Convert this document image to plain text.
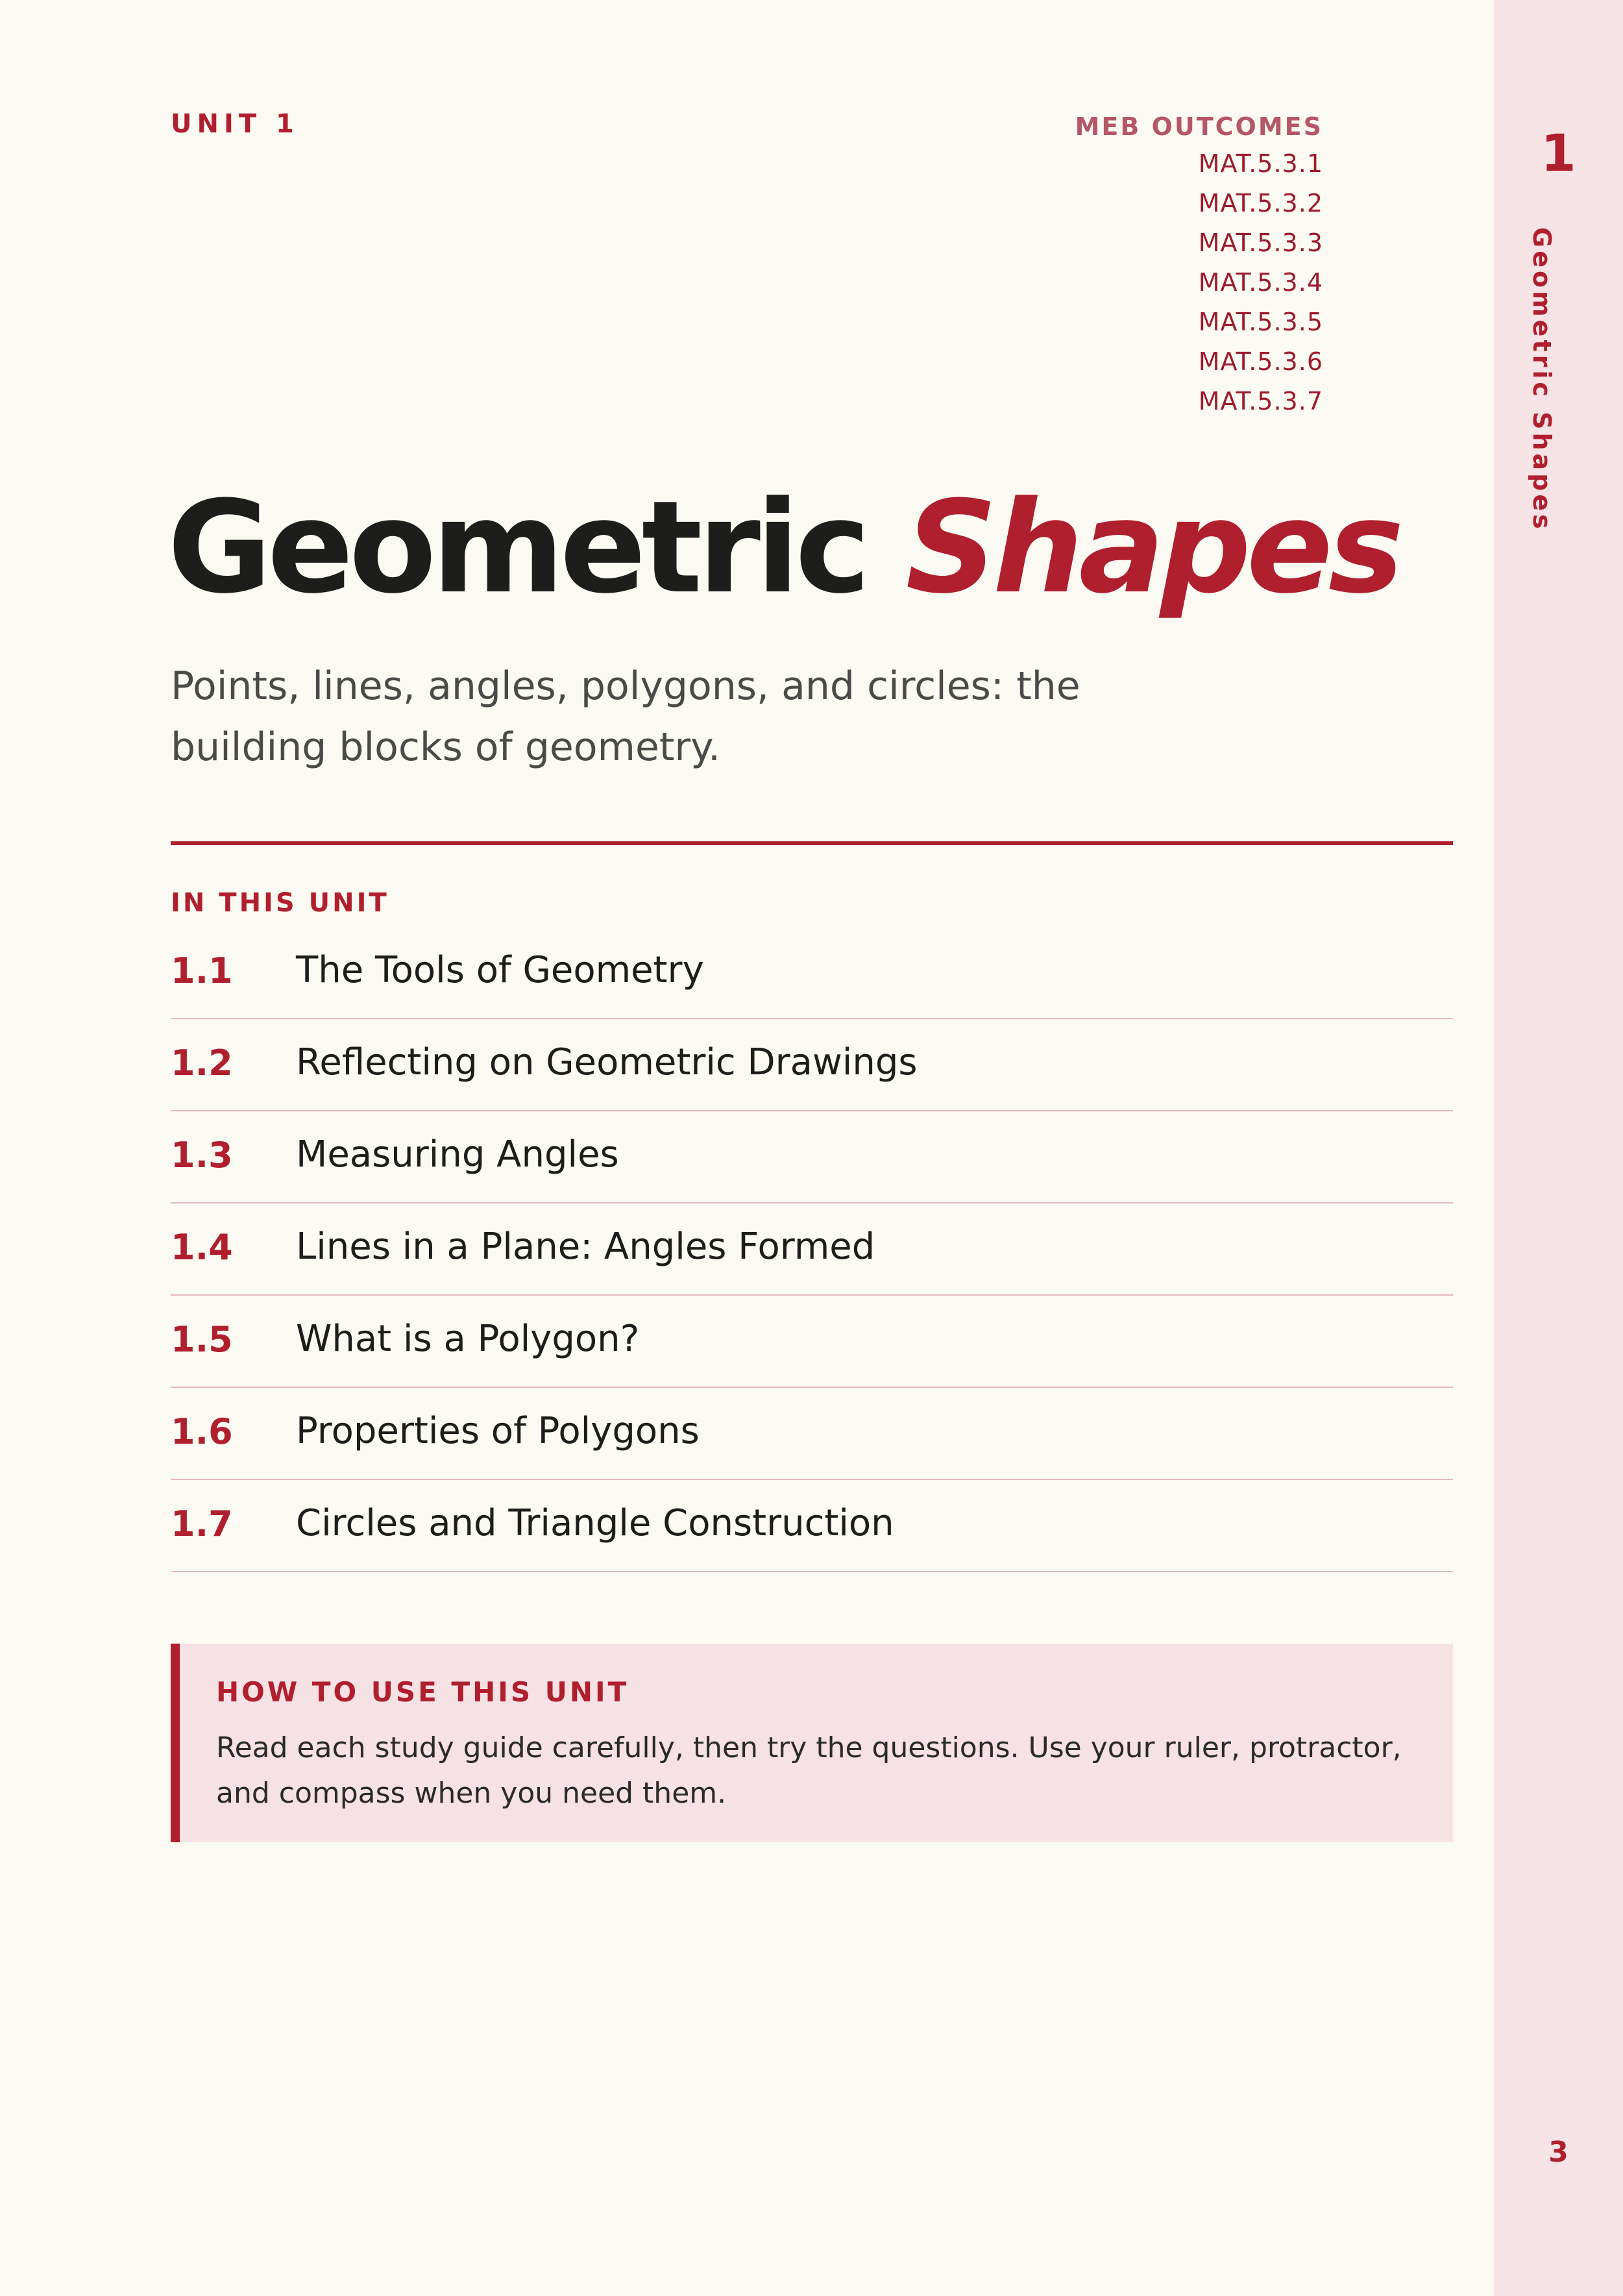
UNIT 1	MEB OUTCOMES
MAT.5.3.1
MAT.5.3.2
MAT.5.3.3
MAT.5.3.4
MAT.5.3.5
MAT.5.3.6
MAT.5.3.7
Geometric Shapes
Points, lines, angles, polygons, and circles: the building blocks of geometry.
IN THIS UNIT
1.1 The Tools of Geometry
1.2 Reflecting on Geometric Drawings
1.3 Measuring Angles
1.4 Lines in a Plane: Angles Formed
1.5 What is a Polygon?
1.6 Properties of Polygons
1.7 Circles and Triangle Construction
HOW TO USE THIS UNIT
Read each study guide carefully, then try the questions. Use your ruler, protractor, and compass when you need them.
1
3
Geometric Shapes
